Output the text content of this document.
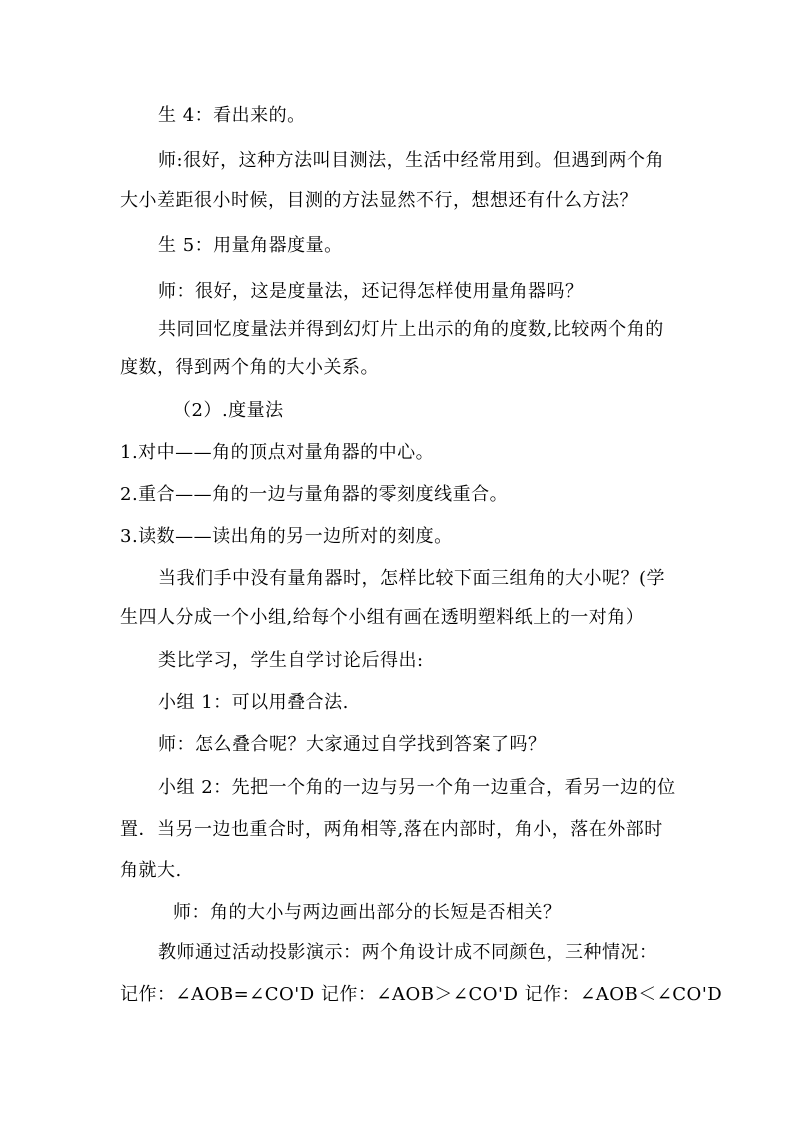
生 4：看出来的。
师:很好，这种方法叫目测法，生活中经常用到。但遇到两个角
大小差距很小时候，目测的方法显然不行，想想还有什么方法？
生 5：用量角器度量。
师：很好，这是度量法，还记得怎样使用量角器吗？
共同回忆度量法并得到幻灯片上出示的角的度数,比较两个角的
度数，得到两个角的大小关系。
（2）.度量法
1.对中——角的顶点对量角器的中心。
2.重合——角的一边与量角器的零刻度线重合。
3.读数——读出角的另一边所对的刻度。
当我们手中没有量角器时，怎样比较下面三组角的大小呢？(学
生四人分成一个小组,给每个小组有画在透明塑料纸上的一对角）
类比学习，学生自学讨论后得出:
小组 1：可以用叠合法.
师：怎么叠合呢？大家通过自学找到答案了吗？
小组 2：先把一个角的一边与另一个角一边重合，看另一边的位
置．当另一边也重合时，两角相等,落在内部时，角小，落在外部时
角就大.
师：角的大小与两边画出部分的长短是否相关？
教师通过活动投影演示：两个角设计成不同颜色，三种情况：
记作：∠AOB=∠CO'D 记作：∠AOB＞∠CO'D 记作：∠AOB＜∠CO'D
